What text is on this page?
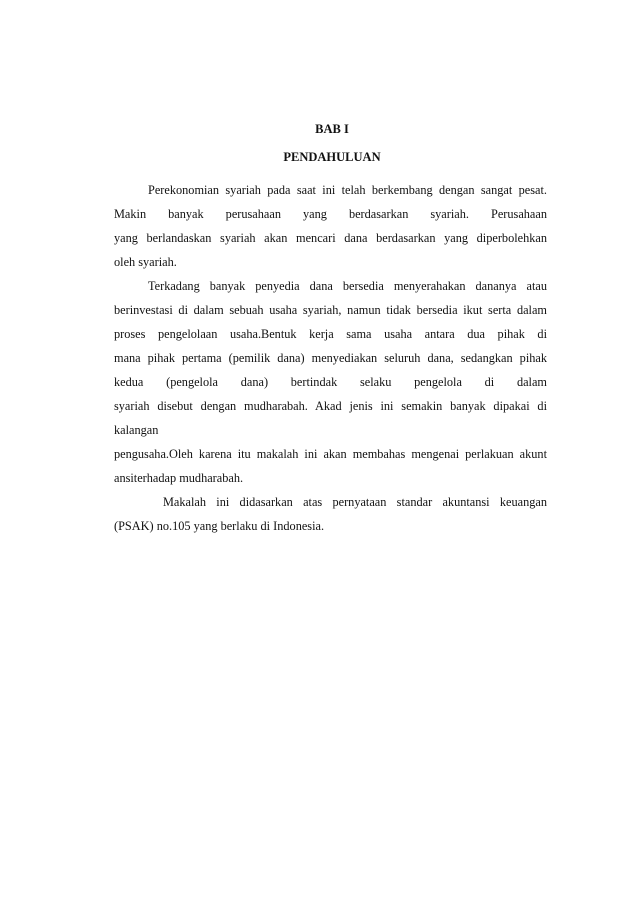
BAB I
PENDAHULUAN
Perekonomian syariah pada saat ini telah berkembang dengan sangat pesat.
Makin banyak perusahaan yang berdasarkan syariah. Perusahaan
yang berlandaskan syariah akan mencari dana berdasarkan yang diperbolehkan
oleh syariah.
Terkadang banyak penyedia dana bersedia menyerahakan dananya atau
berinvestasi di dalam sebuah usaha syariah, namun tidak bersedia ikut serta dalam
proses pengelolaan usaha.Bentuk kerja sama usaha antara dua pihak di
mana pihak pertama (pemilik dana) menyediakan seluruh dana, sedangkan pihak
kedua (pengelola dana) bertindak selaku pengelola di dalam
syariah disebut dengan mudharabah. Akad jenis ini semakin banyak dipakai di
kalangan
pengusaha.Oleh karena itu makalah ini akan membahas mengenai perlakuan akunt
ansiterhadap mudharabah.
Makalah ini didasarkan atas pernyataan standar akuntansi keuangan
(PSAK) no.105 yang berlaku di Indonesia.
